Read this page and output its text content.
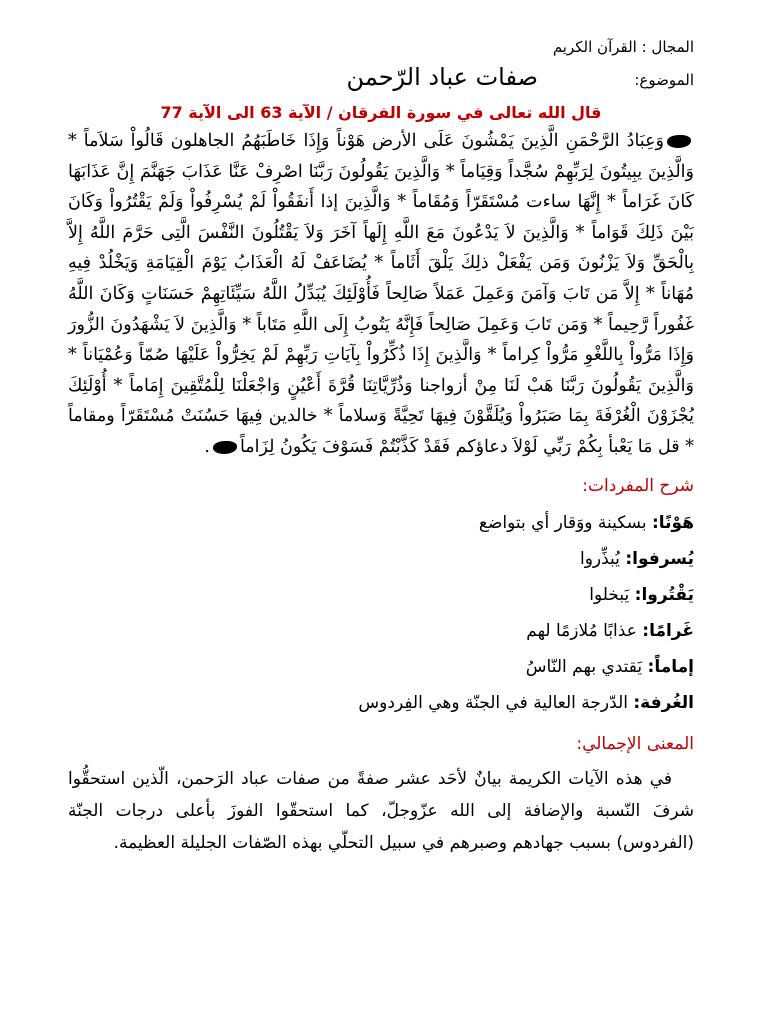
المجال : القرآن الكريم

الموضوع:
صفات عباد الرّحمن
قال الله تعالى في سورة الفرقان / الآية 63 الى الآية 77

وَعِبَادُ الرَّحْمَنِ الَّذِينَ يَمْشُونَ عَلَى الأرض هَوْناً وَإِذَا خَاطَبَهُمُ الجاهلون قَالُواْ سَلاَماً * وَالَّذِينَ يبِيتُونَ لِرَبِّهِمْ سُجَّداً وَقِيَاماً * وَالَّذِينَ يَقُولُونَ رَبَّنَا اصْرِفْ عَنَّا عَذَابَ جَهَنَّمَ إِنَّ عَذَابَهَا كَانَ غَرَاماً * إِنَّهَا ساءت مُسْتَقَرّاً وَمُقَاماً * وَالَّذِينَ إذا أَنفَقُواْ لَمْ يُسْرِفُواْ وَلَمْ يَقْتُرُواْ وَكَانَ بَيْنَ ذَلِكَ قَوَاماً * وَالَّذِينَ لاَ يَدْعُونَ مَعَ اللَّهِ إِلَهاً آخَرَ وَلاَ يَقْتُلُونَ النَّفْسَ الَّتِى حَرَّمَ اللَّهُ إِلاَّ بِالْحَقِّ وَلاَ يَزْنُونَ وَمَن يَفْعَلْ ذلِكَ يَلْقَ أَثَاماً * يُضَاعَفْ لَهُ الْعَذَابُ يَوْمَ الْقِيَامَةِ وَيَخْلُدْ فِيهِ مُهَاناً * إِلاَّ مَن تَابَ وَآمَنَ وَعَمِلَ عَمَلاً صَالِحاً فَأُوْلَئِكَ يُبَدِّلُ اللَّهُ سَيِّئَاتِهِمْ حَسَنَاتٍ وَكَانَ اللَّهُ غَفُوراً رَّحِيماً * وَمَن تَابَ وَعَمِلَ صَالِحاً فَإِنَّهُ يَتُوبُ إِلَى اللَّهِ مَتَاباً * وَالَّذِينَ لاَ يَشْهَدُونَ الزُّورَ وَإِذَا مَرُّواْ بِاللَّغْوِ مَرُّواْ كِراماً * وَالَّذِينَ إِذَا ذُكِّرُواْ بِآيَاتِ رَبِّهِمْ لَمْ يَخِرُّواْ عَلَيْهَا صُمّاً وَعُمْيَاناً * وَالَّذِينَ يَقُولُونَ رَبَّنَا هَبْ لَنَا مِنْ أزواجنا وَذُرِّيَّاتِنَا قُرَّةَ أَعْيُنٍ وَاجْعَلْنَا لِلْمُتَّقِينَ إِمَاماً * أُوْلَئِكَ يُجْزَوْنَ الْغُرْفَةَ بِمَا صَبَرُواْ وَيُلَقَّوْنَ فِيهَا تَحِيَّةً وَسلاماً * خالدين فِيهَا حَسُنَتْ مُسْتَقَرّاً ومقاماً * قل مَا يَعْبأ بِكُمْ رَبِّي لَوْلاَ دعاؤكم فَقَدْ كَذَّبْتُمْ فَسَوْفَ يَكُونُ لِزَاماً.

شرح المفردات:
هَوْنًا: بسكينة ووَقار أي بتواضع
يُسرفوا: يُبذِّروا
يَقْتُروا: يَبخلوا
غَرامًا: عذابًا مُلازمًا لهم
إماماً: يَقتدي بهم النّاسُ
الغُرفة: الدّرجة العالية في الجنّة وهي الفِردوس
المعنى الإجمالي:

في هذه الآيات الكريمة بيانٌ لأحَد عشر صفةً من صفات عباد الرَحمن، الّذين استحقُّوا شرفَ النّسبة والإضافة إلى الله عزّوجلّ، كما استحقّوا الفوزَ بأعلى درجات الجنّة (الفردوس) بسبب جهادهم وصبرهم في سبيل التحلّي بهذه الصّفات الجليلة العظيمة.
